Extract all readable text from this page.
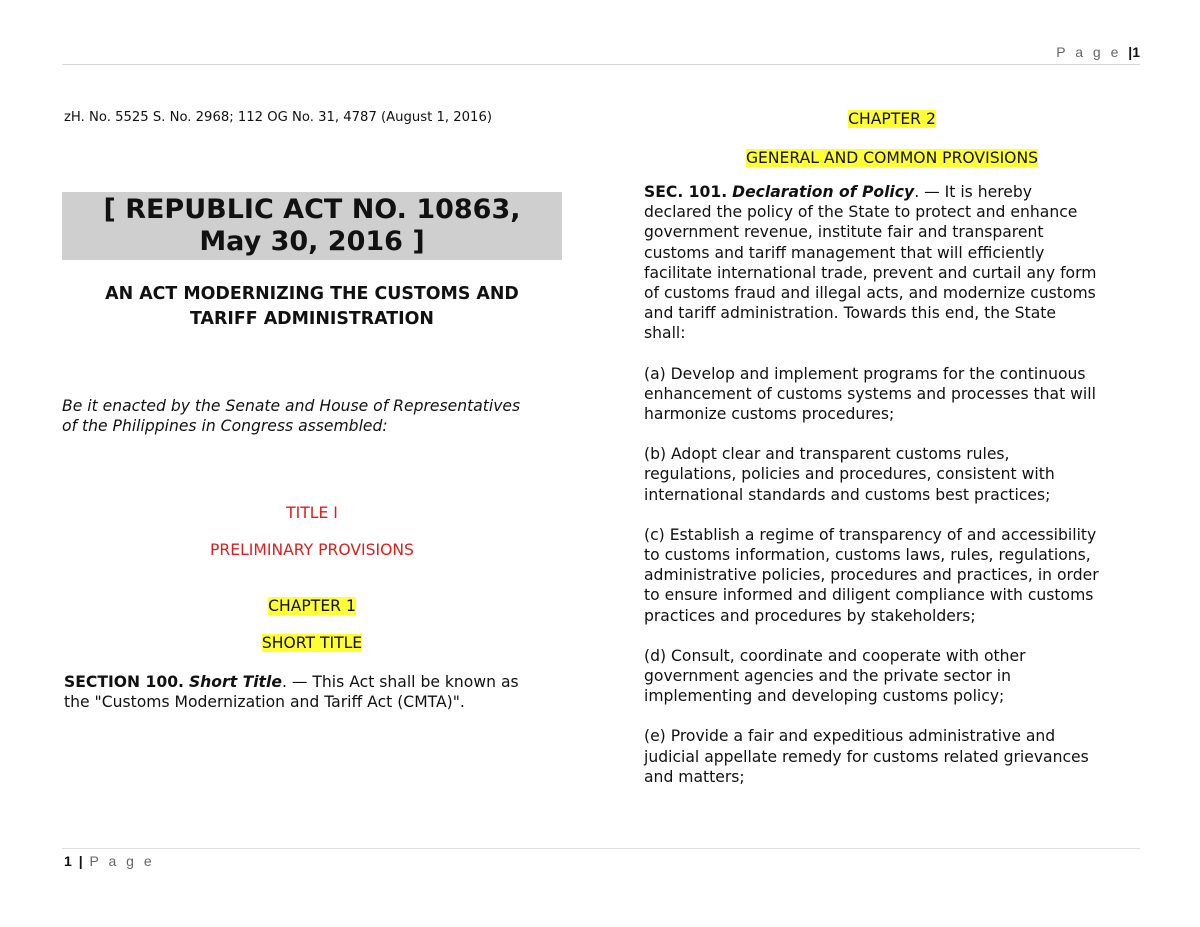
P a g e |1
zH. No. 5525 S. No. 2968; 112 OG No. 31, 4787 (August 1, 2016)
[ REPUBLIC ACT NO. 10863,
May 30, 2016 ]
AN ACT MODERNIZING THE CUSTOMS AND
TARIFF ADMINISTRATION
Be it enacted by the Senate and House of Representatives
of the Philippines in Congress assembled:
TITLE I
PRELIMINARY PROVISIONS
CHAPTER 1
SHORT TITLE
SECTION 100. Short Title. — This Act shall be known as
the "Customs Modernization and Tariff Act (CMTA)".
CHAPTER 2
GENERAL AND COMMON PROVISIONS
SEC. 101. Declaration of Policy. — It is hereby
declared the policy of the State to protect and enhance
government revenue, institute fair and transparent
customs and tariff management that will efficiently
facilitate international trade, prevent and curtail any form
of customs fraud and illegal acts, and modernize customs
and tariff administration. Towards this end, the State
shall:
(a) Develop and implement programs for the continuous
enhancement of customs systems and processes that will
harmonize customs procedures;
(b) Adopt clear and transparent customs rules,
regulations, policies and procedures, consistent with
international standards and customs best practices;
(c) Establish a regime of transparency of and accessibility
to customs information, customs laws, rules, regulations,
administrative policies, procedures and practices, in order
to ensure informed and diligent compliance with customs
practices and procedures by stakeholders;
(d) Consult, coordinate and cooperate with other
government agencies and the private sector in
implementing and developing customs policy;
(e) Provide a fair and expeditious administrative and
judicial appellate remedy for customs related grievances
and matters;
1 | P a g e
